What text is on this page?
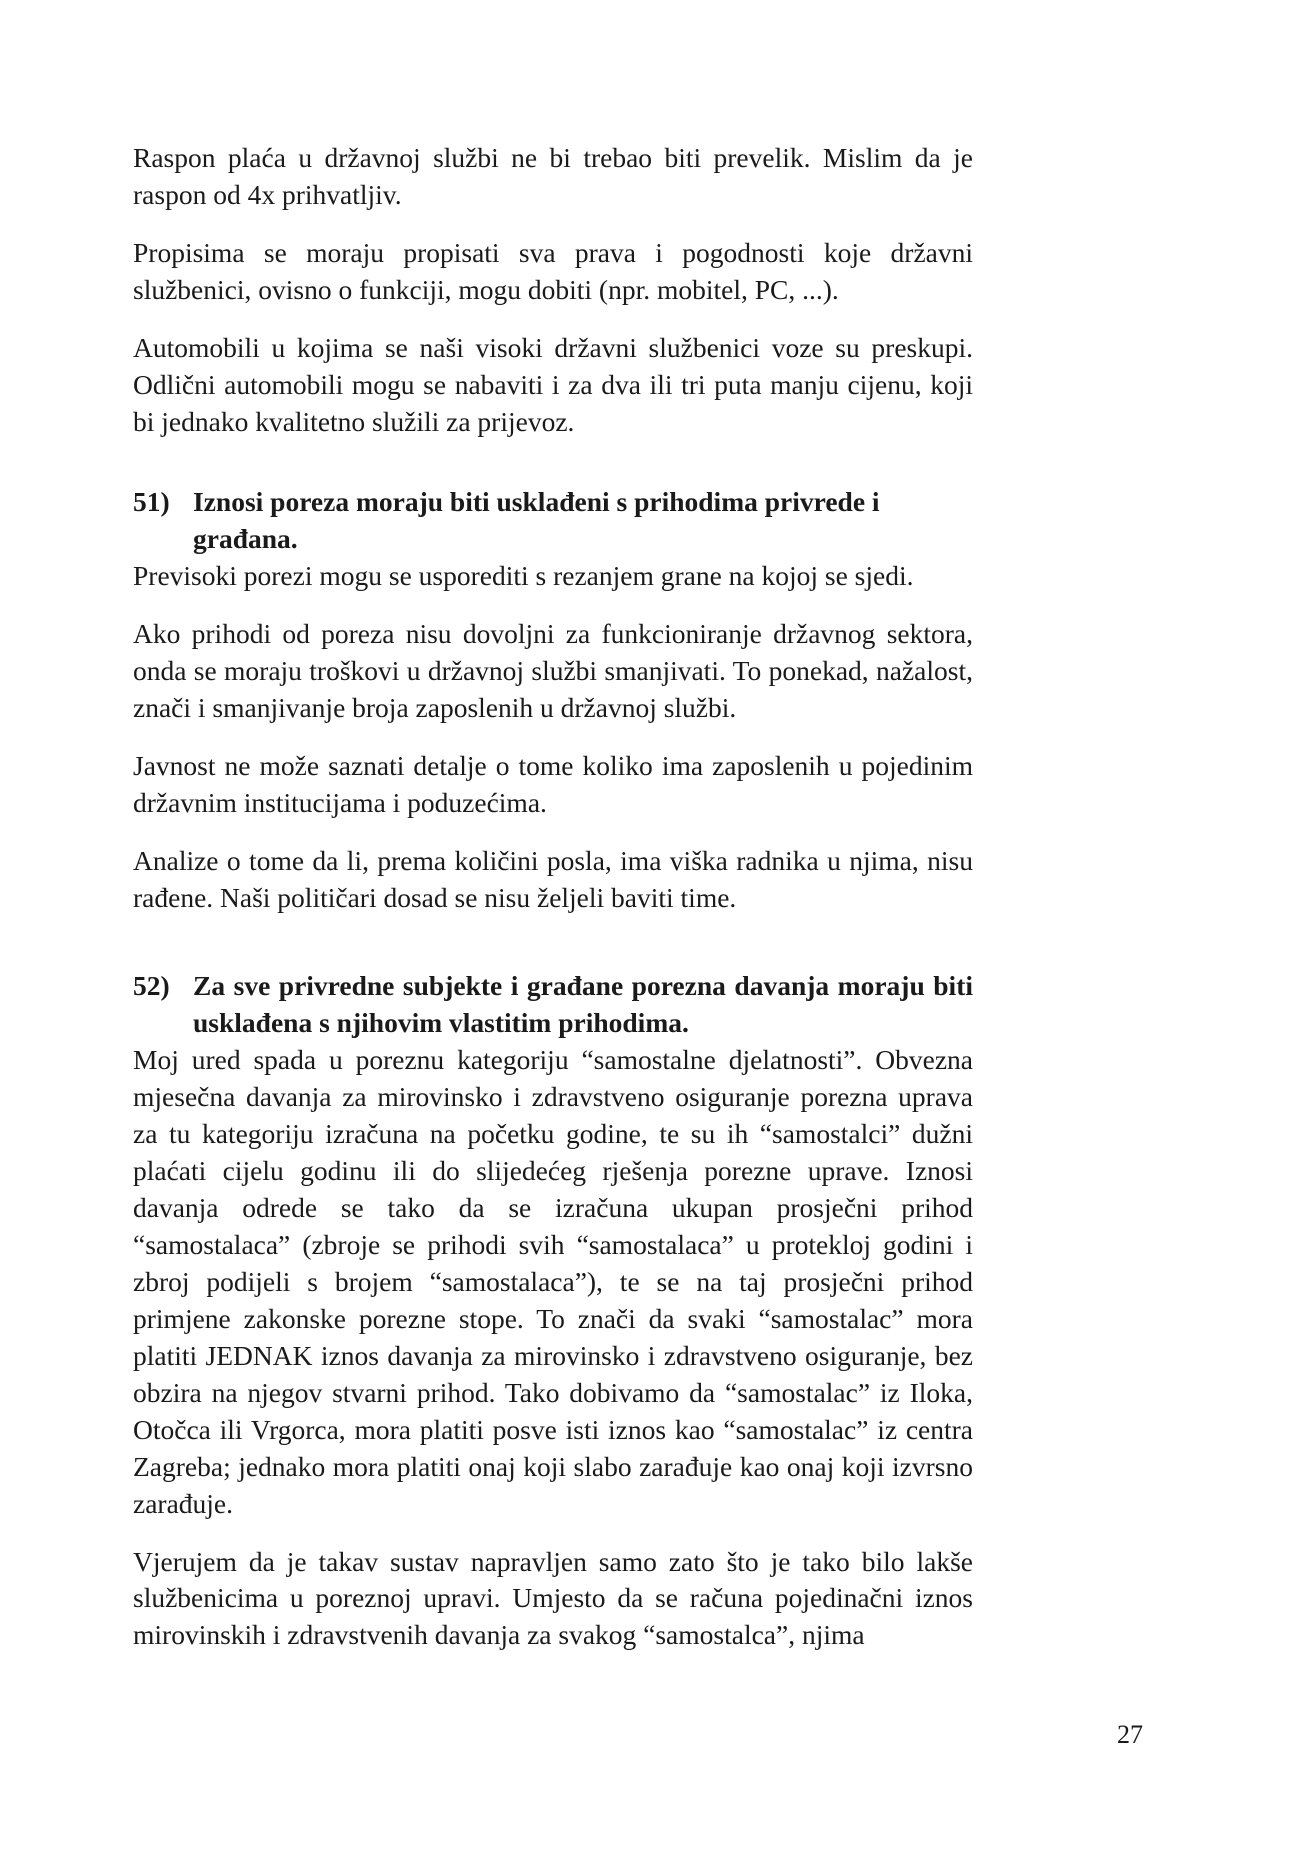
Raspon plaća u državnoj službi ne bi trebao biti prevelik. Mislim da je raspon od 4x prihvatljiv.

Propisima se moraju propisati sva prava i pogodnosti koje državni službenici, ovisno o funkciji, mogu dobiti (npr. mobitel, PC, ...).

Automobili u kojima se naši visoki državni službenici voze su preskupi. Odlični automobili mogu se nabaviti i za dva ili tri puta manju cijenu, koji bi jednako kvalitetno služili za prijevoz.

51) Iznosi poreza moraju biti usklađeni s prihodima privrede i građana.

Previsoki porezi mogu se usporediti s rezanjem grane na kojoj se sjedi.

Ako prihodi od poreza nisu dovoljni za funkcioniranje državnog sektora, onda se moraju troškovi u državnoj službi smanjivati. To ponekad, nažalost, znači i smanjivanje broja zaposlenih u državnoj službi.

Javnost ne može saznati detalje o tome koliko ima zaposlenih u pojedinim državnim institucijama i poduzećima.

Analize o tome da li, prema količini posla, ima viška radnika u njima, nisu rađene. Naši političari dosad se nisu željeli baviti time.

52) Za sve privredne subjekte i građane porezna davanja moraju biti usklađena s njihovim vlastitim prihodima.

Moj ured spada u poreznu kategoriju “samostalne djelatnosti”. Obvezna mjesečna davanja za mirovinsko i zdravstveno osiguranje porezna uprava za tu kategoriju izračuna na početku godine, te su ih “samostalci” dužni plaćati cijelu godinu ili do slijedećeg rješenja porezne uprave. Iznosi davanja odrede se tako da se izračuna ukupan prosječni prihod “samostalaca” (zbroje se prihodi svih “samostalaca” u protekloj godini i zbroj podijeli s brojem “samostalaca”), te se na taj prosječni prihod primjene zakonske porezne stope. To znači da svaki “samostalac” mora platiti JEDNAK iznos davanja za mirovinsko i zdravstveno osiguranje, bez obzira na njegov stvarni prihod. Tako dobivamo da “samostalac” iz Iloka, Otočca ili Vrgorca, mora platiti posve isti iznos kao “samostalac” iz centra Zagreba; jednako mora platiti onaj koji slabo zarađuje kao onaj koji izvrsno zarađuje.

Vjerujem da je takav sustav napravljen samo zato što je tako bilo lakše službenicima u poreznoj upravi. Umjesto da se računa pojedinačni iznos mirovinskih i zdravstvenih davanja za svakog “samostalca”, njima

27
